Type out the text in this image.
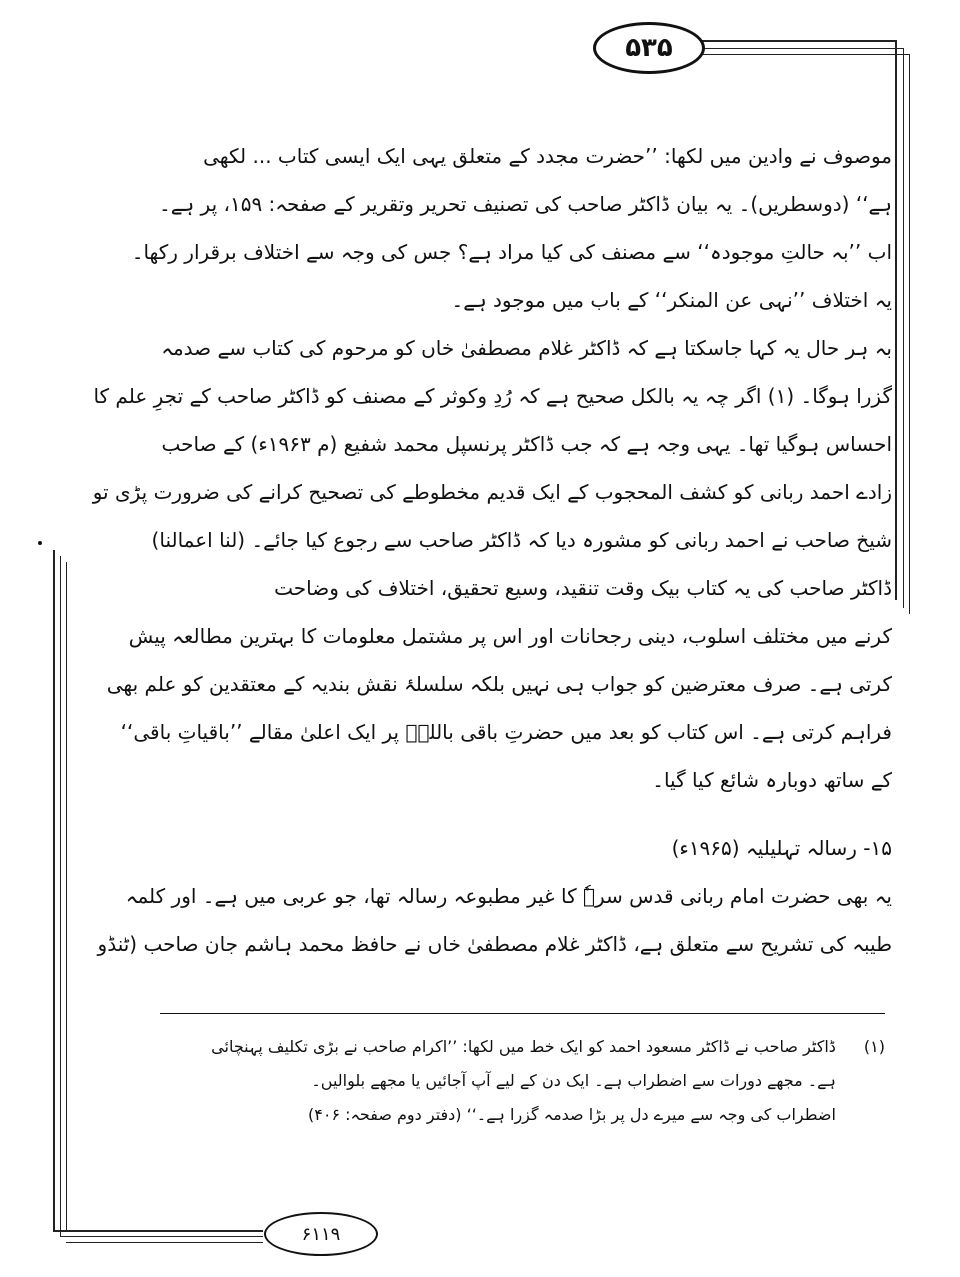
۵۳۵
موصوف نے وادین میں لکھا: ’’حضرت مجدد کے متعلق یہی ایک ایسی کتاب ... لکھی
ہے‘‘ (دوسطریں)۔ یہ بیان ڈاکٹر صاحب کی تصنیف تحریر وتقریر کے صفحہ: ۱۵۹، پر ہے۔
اب ’’بہ حالتِ موجودہ‘‘ سے مصنف کی کیا مراد ہے؟ جس کی وجہ سے اختلاف برقرار رکھا۔
یہ اختلاف ’’نہی عن المنکر‘‘ کے باب میں موجود ہے۔
بہ ہر حال یہ کہا جاسکتا ہے کہ ڈاکٹر غلام مصطفیٰ خاں کو مرحوم کی کتاب سے صدمہ
گزرا ہوگا۔ (۱) اگر چہ یہ بالکل صحیح ہے کہ رُدِ وکوثر کے مصنف کو ڈاکٹر صاحب کے تجرِ علم کا
احساس ہوگیا تھا۔ یہی وجہ ہے کہ جب ڈاکٹر پرنسپل محمد شفیع (م ۱۹۶۳ء) کے صاحب
زادے احمد ربانی کو کشف المحجوب کے ایک قدیم مخطوطے کی تصحیح کرانے کی ضرورت پڑی تو
شیخ صاحب نے احمد ربانی کو مشورہ دیا کہ ڈاکٹر صاحب سے رجوع کیا جائے۔ (لنا اعمالنا)
ڈاکٹر صاحب کی یہ کتاب بیک وقت تنقید، وسیع تحقیق، اختلاف کی وضاحت
کرنے میں مختلف اسلوب، دینی رجحانات اور اس پر مشتمل معلومات کا بہترین مطالعہ پیش
کرتی ہے۔ صرف معترضین کو جواب ہی نہیں بلکہ سلسلۂ نقش بندیہ کے معتقدین کو علم بھی
فراہم کرتی ہے۔ اس کتاب کو بعد میں حضرتِ باقی باللہؒ پر ایک اعلیٰ مقالے ’’باقیاتِ باقی‘‘
کے ساتھ دوبارہ شائع کیا گیا۔
۱۵- رسالہ تہلیلیہ (۱۹۶۵ء)
یہ بھی حضرت امام ربانی قدس سرہٗ کا غیر مطبوعہ رسالہ تھا، جو عربی میں ہے۔ اور کلمہ
طیبہ کی تشریح سے متعلق ہے، ڈاکٹر غلام مصطفیٰ خاں نے حافظ محمد ہاشم جان صاحب (ٹنڈو
(۱) ڈاکٹر صاحب نے ڈاکٹر مسعود احمد کو ایک خط میں لکھا: ’’اکرام صاحب نے بڑی تکلیف پہنچائی
ہے۔ مجھے دورات سے اضطراب ہے۔ ایک دن کے لیے آپ آجائیں یا مجھے بلوالیں۔
اضطراب کی وجہ سے میرے دل پر بڑا صدمہ گزرا ہے۔‘‘ (دفتر دوم صفحہ: ۴۰۶)
۶۱۱۹
